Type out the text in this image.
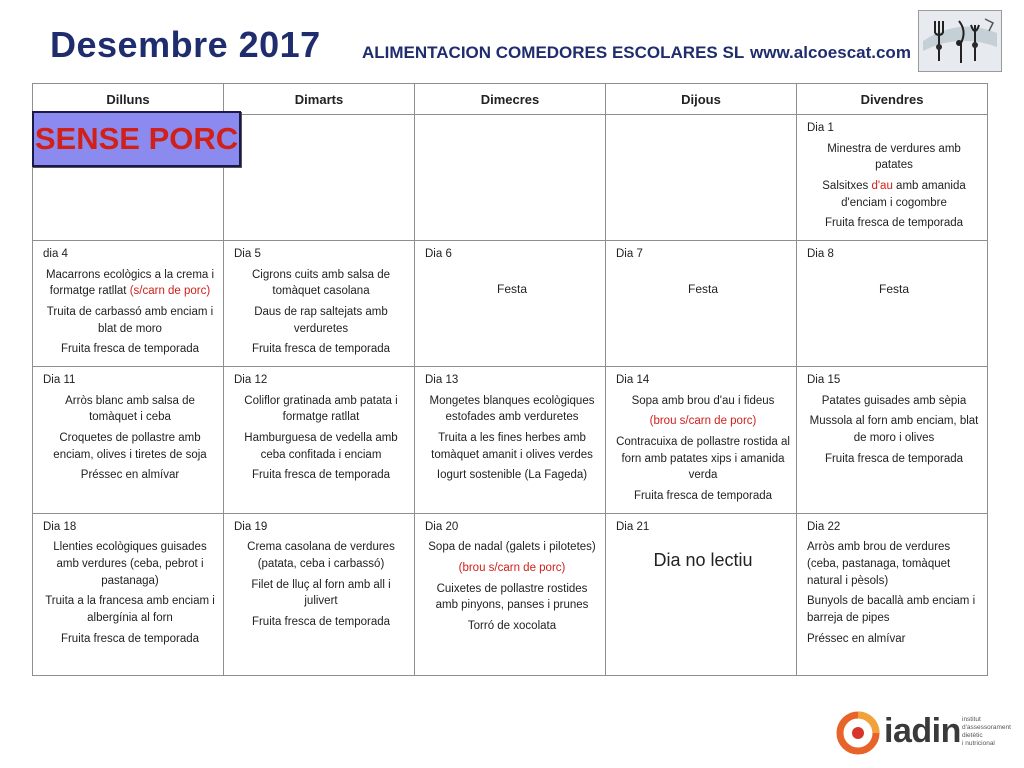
Desembre 2017 ALIMENTACION COMEDORES ESCOLARES SL www.alcoescat.com
Dilluns	Dimarts	Dimecres	Dijous	Divendres

				Dia 1
Minestra de verdures amb patates
Salsitxes d'au amb amanida d'enciam i cogombre
Fruita fresca de temporada

dia 4
Macarrons ecològics a la crema i formatge ratllat (s/carn de porc)
Truita de carbassó amb enciam i blat de moro
Fruita fresca de temporada	Dia 5
Cigrons cuits amb salsa de tomàquet casolana
Daus de rap saltejats amb verduretes
Fruita fresca de temporada	Dia 6
Festa	Dia 7
Festa	Dia 8
Festa

Dia 11
Arròs blanc amb salsa de tomàquet i ceba
Croquetes de pollastre amb enciam, olives i tiretes de soja
Préssec en almívar	Dia 12
Coliflor gratinada amb patata i formatge ratllat
Hamburguesa de vedella amb ceba confitada i enciam
Fruita fresca de temporada	Dia 13
Mongetes blanques ecològiques estofades amb verduretes
Truita a les fines herbes amb tomàquet amanit i olives verdes
Iogurt sostenible (La Fageda)	Dia 14
Sopa amb brou d'au i fideus
(brou s/carn de porc)
Contracuixa de pollastre rostida al forn amb patates xips i amanida verda
Fruita fresca de temporada	Dia 15
Patates guisades amb sèpia
Mussola al forn amb enciam, blat de moro i olives
Fruita fresca de temporada

Dia 18
Llenties ecològiques guisades amb verdures (ceba, pebrot i pastanaga)
Truita a la francesa amb enciam i albergínia al forn
Fruita fresca de temporada	Dia 19
Crema casolana de verdures (patata, ceba i carbassó)
Filet de lluç al forn amb all i julivert
Fruita fresca de temporada	Dia 20
Sopa de nadal (galets i pilotetes)
(brou s/carn de porc)
Cuixetes de pollastre rostides amb pinyons, panses i prunes
Torró de xocolata	Dia 21
Dia no lectiu	Dia 22
Arròs amb brou de verdures (ceba, pastanaga, tomàquet natural i pèsols)
Bunyols de bacallà amb enciam i barreja de pipes
Préssec en almívar
SENSE PORC
iadin institut
d'assessorament
dietètic
i nutricional
